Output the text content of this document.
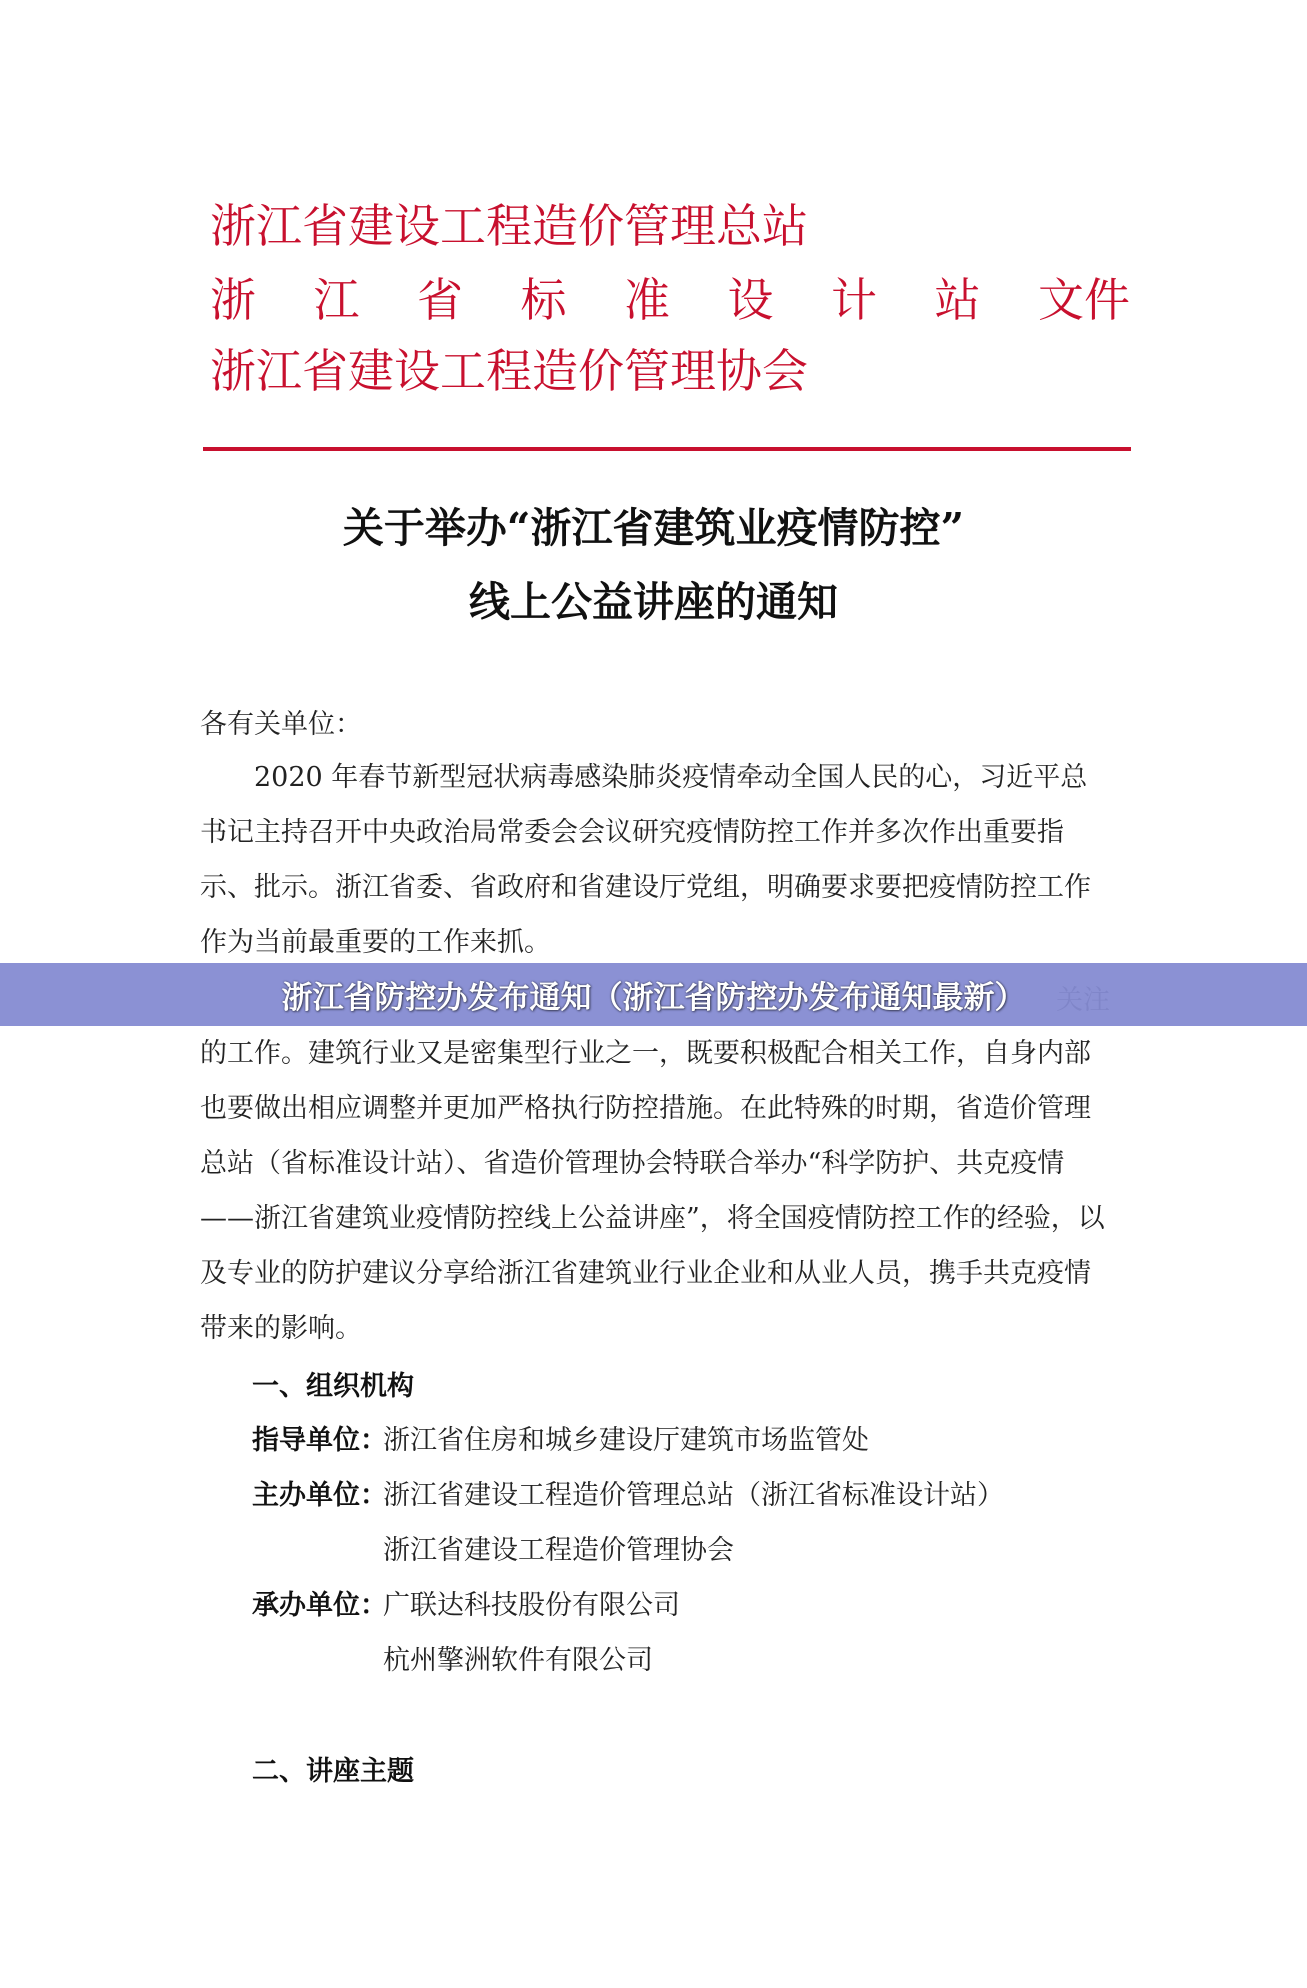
浙江省建设工程造价管理总站
浙 江 省 标 准 设 计 站 文件
浙江省建设工程造价管理协会
关于举办“浙江省建筑业疫情防控”
线上公益讲座的通知

各有关单位：

2020 年春节新型冠状病毒感染肺炎疫情牵动全国人民的心，习近平总书记主持召开中央政治局常委会会议研究疫情防控工作并多次作出重要指示、批示。浙江省委、省政府和省建设厅党组，明确要求要把疫情防控工作作为当前最重要的工作来抓。

的工作。建筑行业又是密集型行业之一，既要积极配合相关工作，自身内部也要做出相应调整并更加严格执行防控措施。在此特殊的时期，省造价管理总站（省标准设计站）、省造价管理协会特联合举办“科学防护、共克疫情——浙江省建筑业疫情防控线上公益讲座”，将全国疫情防控工作的经验，以及专业的防护建议分享给浙江省建筑业行业企业和从业人员，携手共克疫情带来的影响。

一、组织机构
指导单位：
浙江省住房和城乡建设厅建筑市场监管处
主办单位：
浙江省建设工程造价管理总站（浙江省标准设计站）
浙江省建设工程造价管理协会
承办单位：
广联达科技股份有限公司
杭州擎洲软件有限公司
二、讲座主题
浙江省防控办发布通知（浙江省防控办发布通知最新）
